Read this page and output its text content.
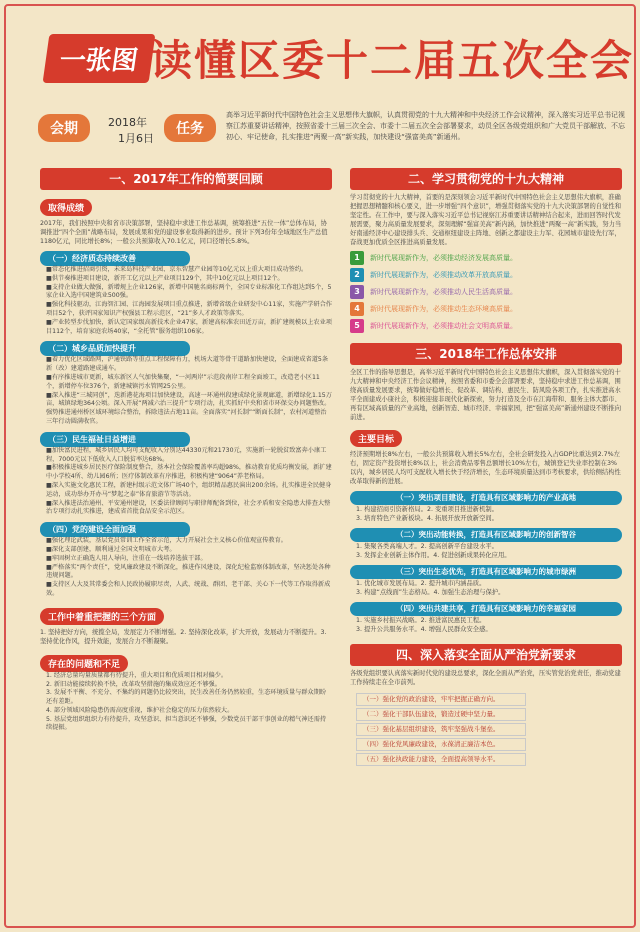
一张图 读懂区委十二届五次全会
会期	2018年
1月6日
任务
高举习近平新时代中国特色社会主义思想伟大旗帜，认真贯彻党的十九大精神和中央经济工作会议精神，深入落实习近平总书记视察江苏重要讲话精神，按照省委十三届三次全会、市委十二届五次全会部署要求，动员全区各级党组织和广大党员干部解放、不忘初心、牢记使命，扎实推进“两聚一高”新实践，加快建设“强富美高”新通州。
一、2017年工作的简要回顾
取得成绩
2017年，我们按照中央和省市决策部署，坚持稳中求进工作总基调，统筹推进“五位一体”总体布局，协调推进“四个全面”战略布局，发展成果和党的建设事业取得新的进步。预计下列3份年全域地区生产总值1180亿元，同比增长8%；一般公共预算收入70.1亿元，同口径增长5.8%。
（一）经济质态持续改善
■常态化推进招商引资，未来岛科技产业园、京东智慧产业园等10亿元以上重大项目成功签约。
■供节奏推进项目建设，新开工亿元以上产业项目129个，其中10亿元以上项目12个。
■支持企业做大做强，新增规上企业126家，新增中国驰名商标两个，全国专业标准化工作组达到5个，5家企业入选中国建筑业500强。
■强化科技驱动，江海智汇园、江海园发展项目重点推进，新增省级企业研发中心11家，实施产学研合作项目52个，获评国家知识产权强县工程示范区，“21”多人才政策等落实。
■产业转型步伐加快，新认定国家级高新技术企业47家，新建高标准农田近万亩，新扩建规模以上农业项目112个，培育家庭农场40家，“全托管”服务组织106家。
（二）城乡品质加快提升
■着力优化区域路网，沪通铁路等重点工程保障有力，机场大道等骨干道路加快建设，全面建成省道5条新（改）建道路建成通车。
■有序推进城市更新，城东新区人气加快集聚，“一河两岸”示范段南岸工程全面竣工，改造老小区11个，新增停车位376个，新建城镇污水管网25公里。
■深入推进“三城同创”，迭新港花海项目加快建设，高速一环通州段建成绿化景观廊道，新增绿化1.15万亩，城镇绿地364公顷。深入开展“两减六治三提升”专项行动，扎实抓好中央和省市环保交办问题整改。强势推进通州桥区域环境综合整治，拆除违法占地11亩。全面落实“河长制”“断面长制”，农村河道整治三年行动圆满收官。
（三）民生福祉日益增进
■加快富民进程，城乡居民人均可支配收入分别达44330元和21730元，实施新一轮脱贫致富奔小康工程，7000元以下低收入人口脱贫率达68%。
■积极推进城乡居民医疗保险制度整合，基本社会保险覆盖率均超98%，推动教育优质均衡发展，新扩建中小学校4所、幼儿园6所；医疗体制改革有序推进，积极构建“9064”养老格局。
■深入实施文化惠民工程，新建村级示范文体广场40个，组织精品惠民演出200余场。扎实推进全民健身运动，成功举办开办马“梦起之泰”体育旅游节等活动。
■深入推进法治通州、平安通州建设，区委法律顾问与职律师配备到位，社会矛盾和安全隐患大排查大整治专项行动扎实推进，建成省首批食品安全示范区。
（四）党的建设全面加强
■强化理论武装，基层党员常训工作全省示范，大力开展社会主义核心价值观宣传教育。
■深化支部创建，顺利通过全国文明城市大考。
■牢固树立正确选人用人导向，注重在一线培养选拔干部。
■严格落实“两个责任”，党风廉政建设不断深化，推进作风建设，深化纪检监察体制改革，坚决惩处各种违规问题。
■支持区人大及其常委会和人民政协履职尽责，人武、统战、群团、老干部、关心下一代等工作取得新成效。
工作中着重把握的三个方面
1. 坚持把好方向，统揽全局，发展定力不断增强。2. 坚持深化改革，扩大开放，发展动力不断提升。3. 坚持优化作风，提升效能，发展合力不断凝聚。
存在的问题和不足
1. 经济总量均量质量都有待提升，重大项目和优质项目相对偏少。
2. 新旧动能接续转换不快，改革攻坚措施的集成效应还不够强。
3. 发展不平衡、不充分、不集约的问题仍比较突出，民生改善任务仍然较重，生态环境质量与群众期盼还有差距。
4. 部分领域风险隐患仍需高度重视，维护社会稳定的压力依然较大。
5. 基层党组织组织力有待提升，攻坚意识、担当意识还不够强，少数党员干部干事创业的精气神还需持续提振。
二、学习贯彻党的十九大精神
学习贯彻党的十九大精神，首要的是深刻领会习近平新时代中国特色社会主义思想伟大旗帜，准确把握思想精髓和核心要义，进一步增强“四个意识”，增强贯彻落实党的十九大决策部署的自觉性和坚定性。在工作中，要与深入落实习近平总书记视察江苏重要讲话精神结合起来，进而回答时代发展需要，聚力高质量发展要求，深刻理解“强富美高”新内涵，加快推进“两聚一高”新实践，努力当好南通经济中心建设排头兵、交通枢纽建设主阵地、创新之都建设主力军、花园城市建设先行军，奋战更加优质全区推进高质量发展。
1	新时代展现新作为，必须推动经济发展高质量。
2	新时代展现新作为，必须推动改革开放高质量。
3	新时代展现新作为，必须推动人民生活高质量。
4	新时代展现新作为，必须推动生态环境高质量。
5	新时代展现新作为，必须推动社会文明高质量。
三、2018年工作总体安排
全区工作的指导思想是，高举习近平新时代中国特色社会主义思想伟大旗帜，深入贯彻落实党的十九大精神和中央经济工作会议精神，按照省委和市委全会部署要求，坚持稳中求进工作总基调，围绕高质量发展要求，统筹做好稳增长、促改革、调结构、惠民生、防风险各项工作，扎实推进高水平全面建成小康社会，积极迎接非现代化新探索，努力打造及全市在江海带和、服务主体大都市、再有区域高质量的产业高地，创新智造、城市经济、幸福家园，把“强富美高”新通州建设不断推向前进。
主要目标
经济预期增长8%左右，一般公共预算收入增长5%左右，全社会研发投入占GDP比重达到2.7%左右，固定资产投资增长8%以上，社会消费品零售总额增长10%左右，城镇登记失业率控制在3%以内，城乡居民人均可支配收入增长快于经济增长，生态环境质量达到市考核要求，供给侧结构性改革取得新的进展。
（一）突出项目建设，打造具有区域影响力的产业高地
1. 构建招商引资新格局。2. 变重项目推进新机制。
3. 培育特色产业新板块。4. 拓展开放开放新空间。
（二）突出动能转换，打造具有区域影响力的创新智谷
1. 集聚各类高端人才。2. 提高创新平台建设水平。
3. 发挥企业创新主体作用。4. 促进创新成果转化应用。
（三）突出生态优先，打造具有区域影响力的城市绿洲
1. 优化城市发展布局。2. 提升城市内涵品质。
3. 构建“点线面”生态格局。4. 加强生态治理与保护。
（四）突出共建共享，打造具有区域影响力的幸福家园
1. 实施乡村振兴战略。2. 推进富民惠民工程。
3. 提升公共服务水平。4. 增强人民群众安全感。
四、深入落实全面从严治党新要求
各级党组织要认真落实新时代党的建设总要求，深化全面从严治党，压实管党治党责任，推动党建工作持续走在全市前列。
（一）强化党的政治建设，牢牢把握正确方向。
（二）强化干部队伍建设，锻造过硬中坚力量。
（三）强化基层组织建设，筑牢坚强战斗堡垒。
（四）强化党风廉政建设，永葆清正廉洁本色。
（五）强化执政能力建设，全面提高领导水平。
